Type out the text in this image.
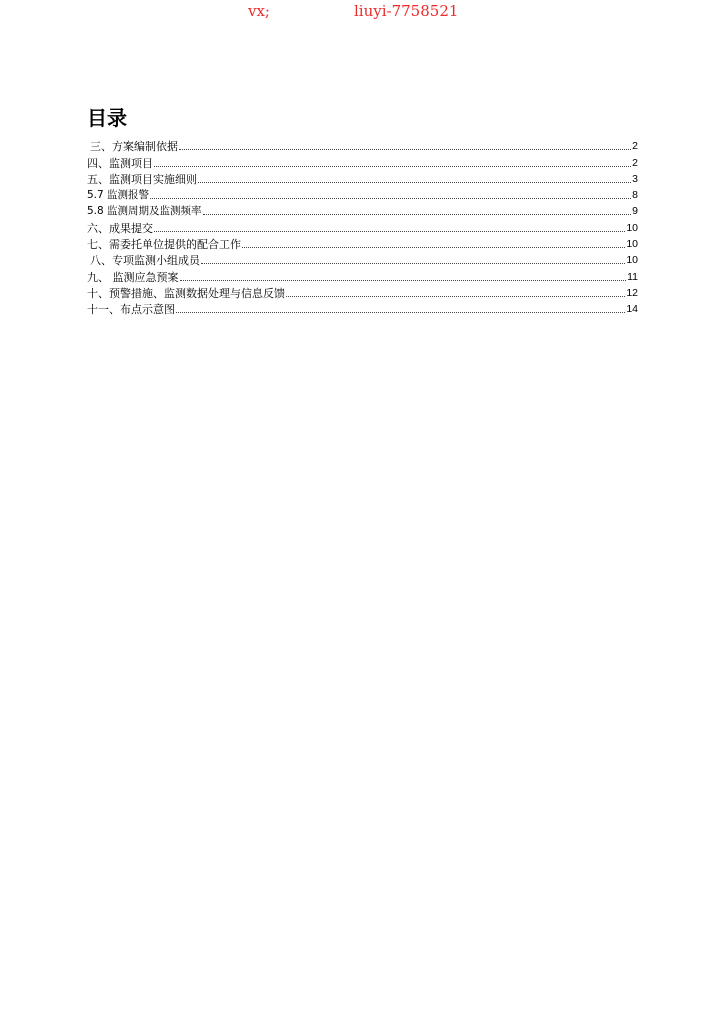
vx;	liuyi-7758521
目录
三、方案编制依据	2
四、监测项目	2
五、监测项目实施细则	3
5.7 监测报警	8
5.8 监测周期及监测频率	9
六、成果提交	10
七、需委托单位提供的配合工作	10
八、专项监测小组成员	10
九、 监测应急预案	11
十、预警措施、监测数据处理与信息反馈	12
十一、布点示意图	14
